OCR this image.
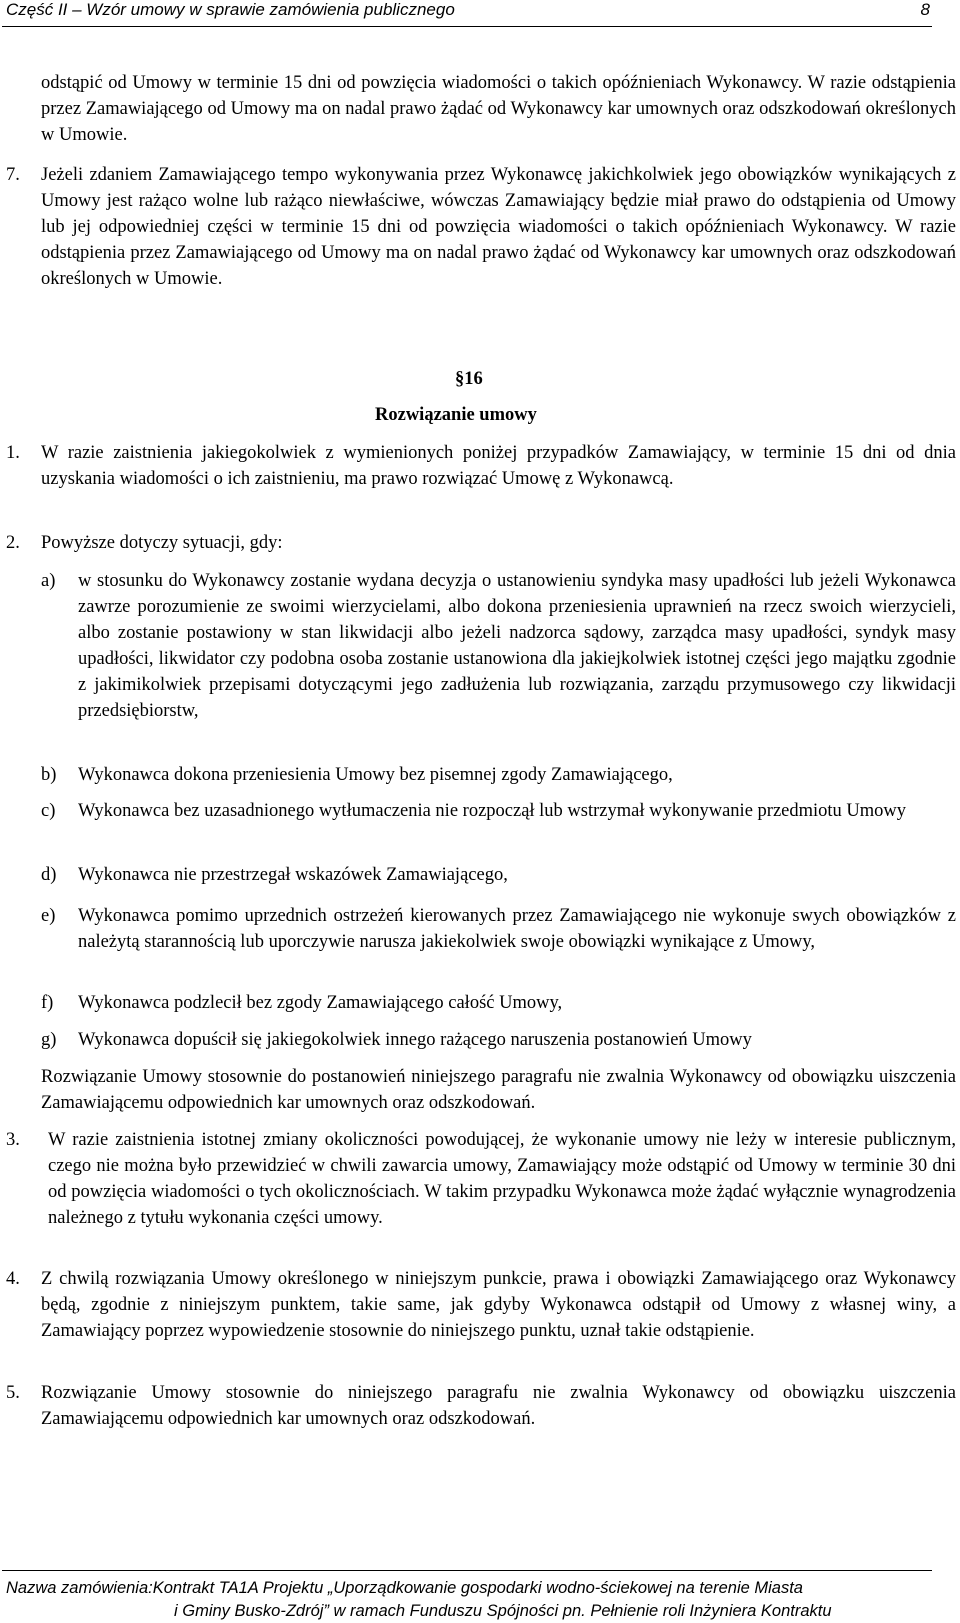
Część II – Wzór umowy w sprawie zamówienia publicznego	8
odstąpić od Umowy w terminie 15 dni od powzięcia wiadomości o takich opóźnieniach Wykonawcy. W razie odstąpienia przez Zamawiającego od Umowy ma on nadal prawo żądać od Wykonawcy kar umownych oraz odszkodowań określonych w Umowie.
7. Jeżeli zdaniem Zamawiającego tempo wykonywania przez Wykonawcę jakichkolwiek jego obowiązków wynikających z Umowy jest rażąco wolne lub rażąco niewłaściwe, wówczas Zamawiający będzie miał prawo do odstąpienia od Umowy lub jej odpowiedniej części w terminie 15 dni od powzięcia wiadomości o takich opóźnieniach Wykonawcy. W razie odstąpienia przez Zamawiającego od Umowy ma on nadal prawo żądać od Wykonawcy kar umownych oraz odszkodowań określonych w Umowie.
§16
Rozwiązanie umowy
1. W razie zaistnienia jakiegokolwiek z wymienionych poniżej przypadków Zamawiający, w terminie 15 dni od dnia uzyskania wiadomości o ich zaistnieniu, ma prawo rozwiązać Umowę z Wykonawcą.
2. Powyższe dotyczy sytuacji, gdy:
a) w stosunku do Wykonawcy zostanie wydana decyzja o ustanowieniu syndyka masy upadłości lub jeżeli Wykonawca zawrze porozumienie ze swoimi wierzycielami, albo dokona przeniesienia uprawnień na rzecz swoich wierzycieli, albo zostanie postawiony w stan likwidacji albo jeżeli nadzorca sądowy, zarządca masy upadłości, syndyk masy upadłości, likwidator czy podobna osoba zostanie ustanowiona dla jakiejkolwiek istotnej części jego majątku zgodnie z jakimikolwiek przepisami dotyczącymi jego zadłużenia lub rozwiązania, zarządu przymusowego czy likwidacji przedsiębiorstw,
b) Wykonawca dokona przeniesienia Umowy bez pisemnej zgody Zamawiającego,
c) Wykonawca bez uzasadnionego wytłumaczenia nie rozpoczął lub wstrzymał wykonywanie przedmiotu Umowy
d) Wykonawca nie przestrzegał wskazówek Zamawiającego,
e) Wykonawca pomimo uprzednich ostrzeżeń kierowanych przez Zamawiającego nie wykonuje swych obowiązków z należytą starannością lub uporczywie narusza jakiekolwiek swoje obowiązki wynikające z Umowy,
f) Wykonawca podzlecił bez zgody Zamawiającego całość Umowy,
g) Wykonawca dopuścił się jakiegokolwiek innego rażącego naruszenia postanowień Umowy
Rozwiązanie Umowy stosownie do postanowień niniejszego paragrafu nie zwalnia Wykonawcy od obowiązku uiszczenia Zamawiającemu odpowiednich kar umownych oraz odszkodowań.
3. W razie zaistnienia istotnej zmiany okoliczności powodującej, że wykonanie umowy nie leży w interesie publicznym, czego nie można było przewidzieć w chwili zawarcia umowy, Zamawiający może odstąpić od Umowy w terminie 30 dni od powzięcia wiadomości o tych okolicznościach. W takim przypadku Wykonawca może żądać wyłącznie wynagrodzenia należnego z tytułu wykonania części umowy.
4. Z chwilą rozwiązania Umowy określonego w niniejszym punkcie, prawa i obowiązki Zamawiającego oraz Wykonawcy będą, zgodnie z niniejszym punktem, takie same, jak gdyby Wykonawca odstąpił od Umowy z własnej winy, a Zamawiający poprzez wypowiedzenie stosownie do niniejszego punktu, uznał takie odstąpienie.
5. Rozwiązanie Umowy stosownie do niniejszego paragrafu nie zwalnia Wykonawcy od obowiązku uiszczenia Zamawiającemu odpowiednich kar umownych oraz odszkodowań.
Nazwa zamówienia:Kontrakt TA1A Projektu „Uporządkowanie gospodarki wodno-ściekowej na terenie Miasta
i Gminy Busko-Zdrój” w ramach Funduszu Spójności pn. Pełnienie roli Inżyniera Kontraktu
